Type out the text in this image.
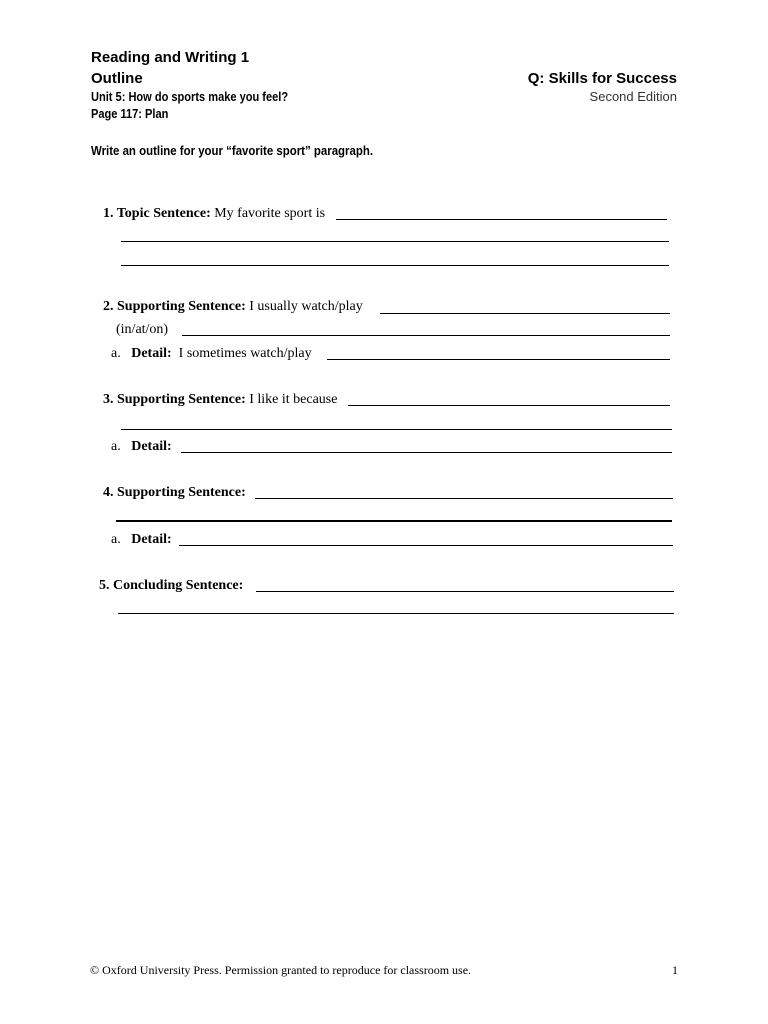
Reading and Writing 1
Outline
Unit 5: How do sports make you feel?
Page 117: Plan
Q: Skills for Success
Second Edition
Write an outline for your “favorite sport” paragraph.
1. Topic Sentence: My favorite sport is
2. Supporting Sentence: I usually watch/play
(in/at/on)
a. Detail: I sometimes watch/play
3. Supporting Sentence: I like it because
a. Detail:
4. Supporting Sentence:
a. Detail:
5. Concluding Sentence:
© Oxford University Press. Permission granted to reproduce for classroom use.	1
